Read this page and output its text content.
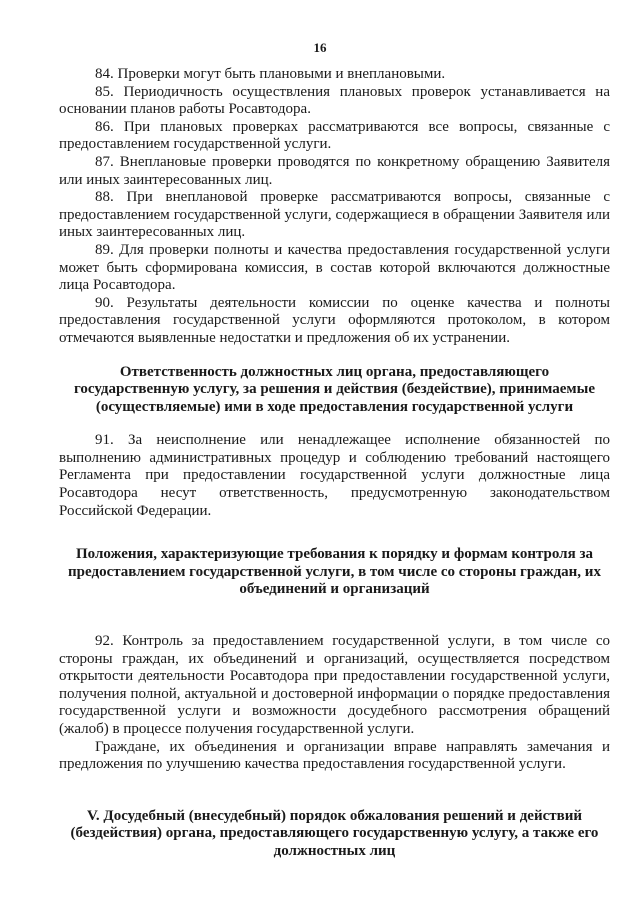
16

84. Проверки могут быть плановыми и внеплановыми.

85. Периодичность осуществления плановых проверок устанавливается на основании планов работы Росавтодора.

86. При плановых проверках рассматриваются все вопросы, связанные с предоставлением государственной услуги.

87. Внеплановые проверки проводятся по конкретному обращению Заявителя или иных заинтересованных лиц.

88. При внеплановой проверке рассматриваются вопросы, связанные с предоставлением государственной услуги, содержащиеся в обращении Заявителя или иных заинтересованных лиц.

89. Для проверки полноты и качества предоставления государственной услуги может быть сформирована комиссия, в состав которой включаются должностные лица Росавтодора.

90. Результаты деятельности комиссии по оценке качества и полноты предоставления государственной услуги оформляются протоколом, в котором отмечаются выявленные недостатки и предложения об их устранении.

Ответственность должностных лиц органа, предоставляющего государственную услугу, за решения и действия (бездействие), принимаемые (осуществляемые) ими в ходе предоставления государственной услуги

91. За неисполнение или ненадлежащее исполнение обязанностей по выполнению административных процедур и соблюдению требований настоящего Регламента при предоставлении государственной услуги должностные лица Росавтодора несут ответственность, предусмотренную законодательством Российской Федерации.

Положения, характеризующие требования к порядку и формам контроля за предоставлением государственной услуги, в том числе со стороны граждан, их объединений и организаций

92. Контроль за предоставлением государственной услуги, в том числе со стороны граждан, их объединений и организаций, осуществляется посредством открытости деятельности Росавтодора при предоставлении государственной услуги, получения полной, актуальной и достоверной информации о порядке предоставления государственной услуги и возможности досудебного рассмотрения обращений (жалоб) в процессе получения государственной услуги.

Граждане, их объединения и организации вправе направлять замечания и предложения по улучшению качества предоставления государственной услуги.

V. Досудебный (внесудебный) порядок обжалования решений и действий (бездействия) органа, предоставляющего государственную услугу, а также его должностных лиц
